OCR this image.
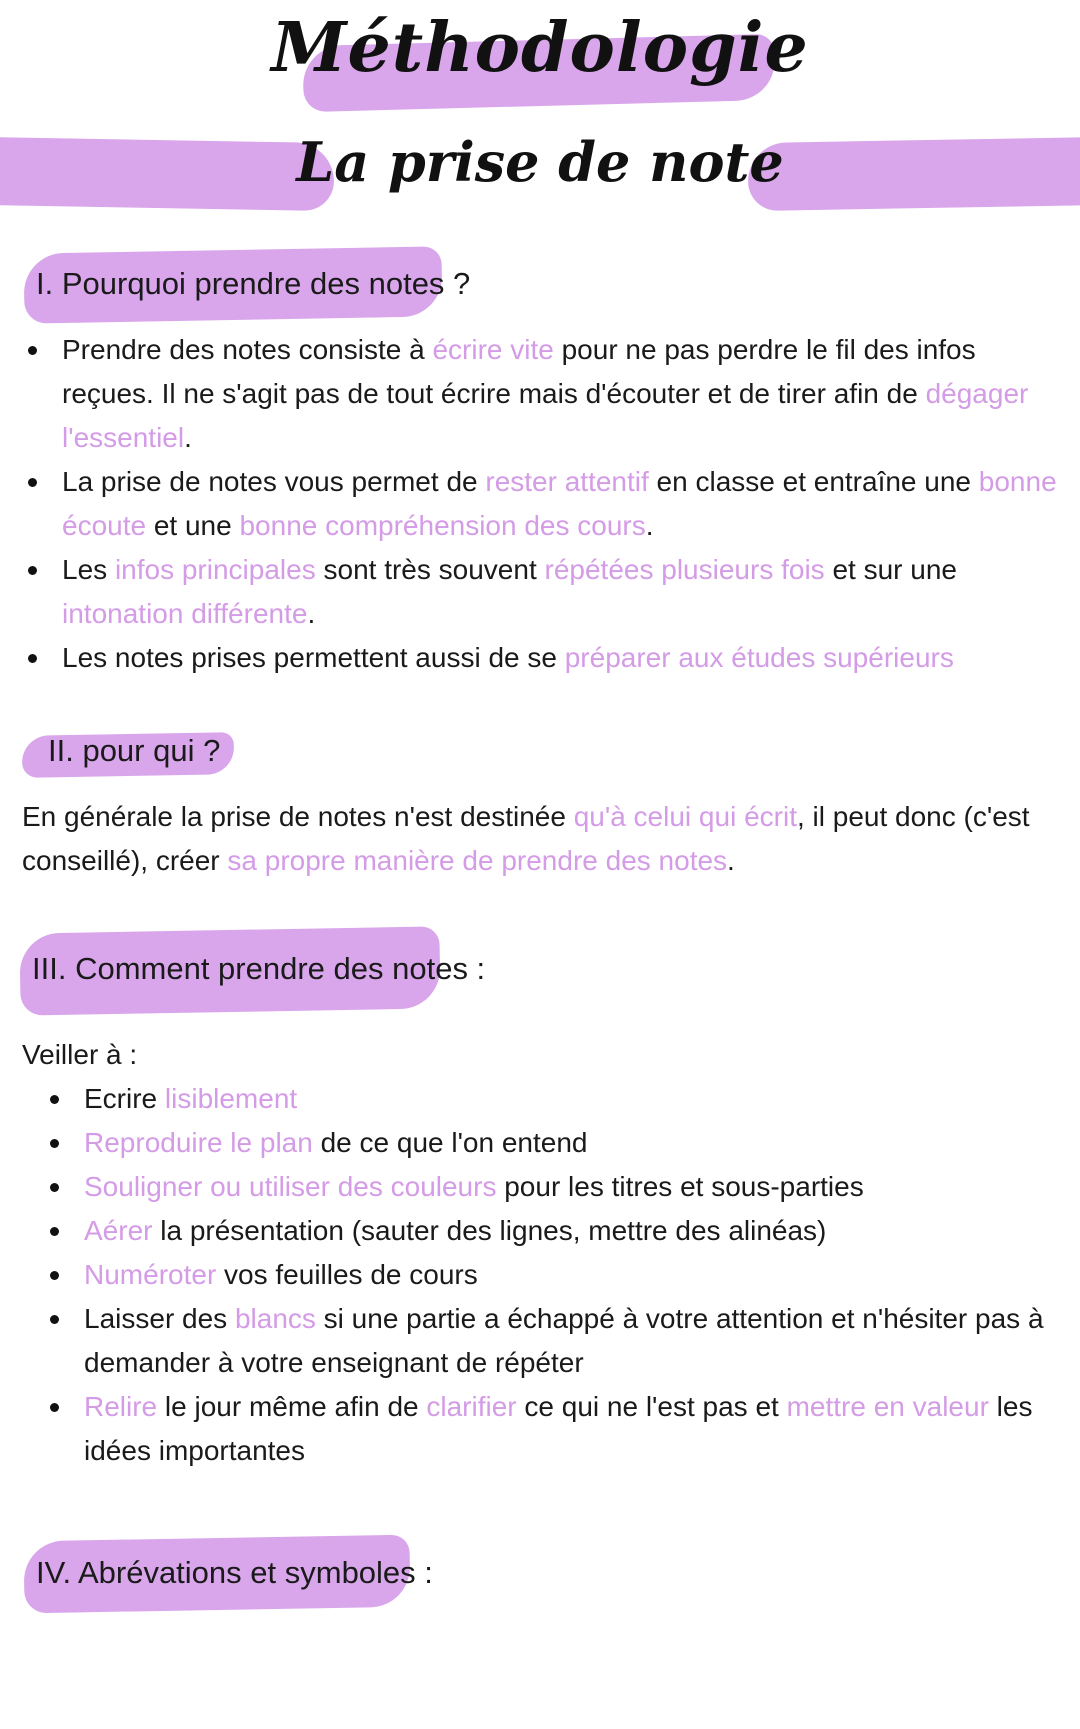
Méthodologie
La prise de note
I. Pourquoi prendre des notes ?
Prendre des notes consiste à écrire vite pour ne pas perdre le fil des infos reçues. Il ne s'agit pas de tout écrire mais d'écouter et de tirer afin de dégager l'essentiel.
La prise de notes vous permet de rester attentif en classe et entraîne une bonne écoute et une bonne compréhension des cours.
Les infos principales sont très souvent répétées plusieurs fois et sur une intonation différente.
Les notes prises permettent aussi de se préparer aux études supérieurs
II. pour qui ?

En générale la prise de notes n'est destinée qu'à celui qui écrit, il peut donc (c'est conseillé), créer sa propre manière de prendre des notes.

III. Comment prendre des notes :
Veiller à :
Ecrire lisiblement
Reproduire le plan de ce que l'on entend
Souligner ou utiliser des couleurs pour les titres et sous-parties
Aérer la présentation (sauter des lignes, mettre des alinéas)
Numéroter vos feuilles de cours
Laisser des blancs si une partie a échappé à votre attention et n'hésiter pas à demander à votre enseignant de répéter
Relire le jour même afin de clarifier ce qui ne l'est pas et mettre en valeur les idées importantes
IV. Abrévations et symboles :
